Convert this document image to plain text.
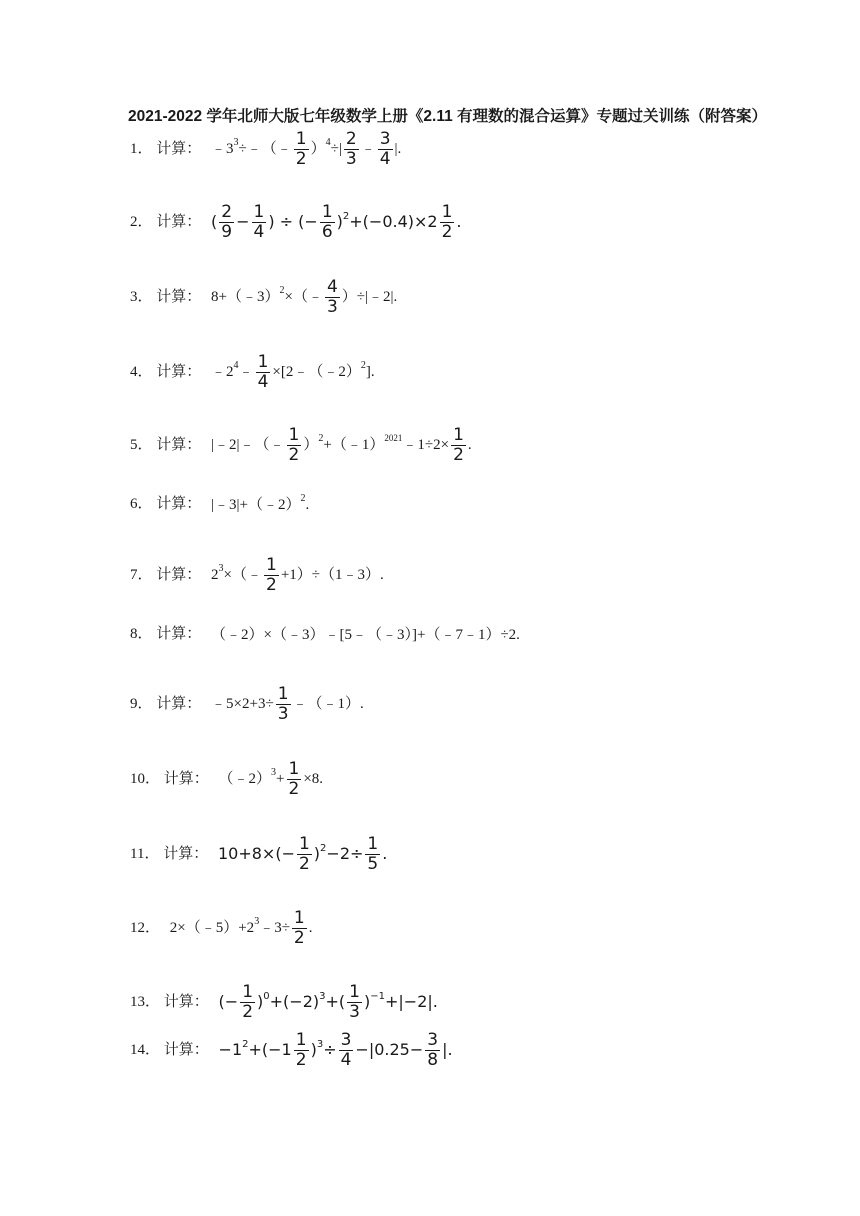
2021-2022 学年北师大版七年级数学上册《2.11 有理数的混合运算》专题过关训练（附答案）
1． 计算： $﹣3^3\div﹣(﹣ \frac{1}{2} )^4\div| \frac{2}{3}$ ﹣ $\frac{3}{4}$ |.
2． 计算： ( $\frac{2}{9} - \frac{1}{4}$ ) ÷ (− $\frac{1}{6} )^2+(-0.4)\times 2 \frac{1}{2}$ .
3． 计算： 8+（﹣3）$^2$×（﹣ $\frac{4}{3}$ ）÷|﹣2|.
4． 计算： $﹣2^4﹣ \frac{1}{4}$ ×[2﹣（﹣2）$^2$].
5． 计算： |﹣2|﹣（﹣ $\frac{1}{2}$ ）$^2$+（﹣1）$^{2021}$﹣1÷2× $\frac{1}{2}$ .
6． 计算： |﹣3|+（﹣2）$^2$.
7． 计算： $2^3\times(﹣ \frac{1}{2}$ +1）÷（1﹣3）.
8． 计算： （﹣2）×（﹣3）﹣[5﹣（﹣3）]+（﹣7﹣1）÷2.
9． 计算： ﹣5×2+3÷ $\frac{1}{3}$ ﹣（﹣1）.
10． 计算： （﹣2）$^3$+ $\frac{1}{2} \times 8$.
11． 计算： $10+8\times(- \frac{1}{2} )^2-2\div \frac{1}{5}$ .
12． $2\times(﹣5)+2^3﹣3\div \frac{1}{2}$ .
13． 计算： (− $\frac{1}{2} )^0+(-2)^3+( \frac{1}{3} )^{-1}+|-2|$.
14． 计算： $-1^2+(-1 \frac{1}{2} )^3\div \frac{3}{4} -|0.25- \frac{3}{8}$ |.
